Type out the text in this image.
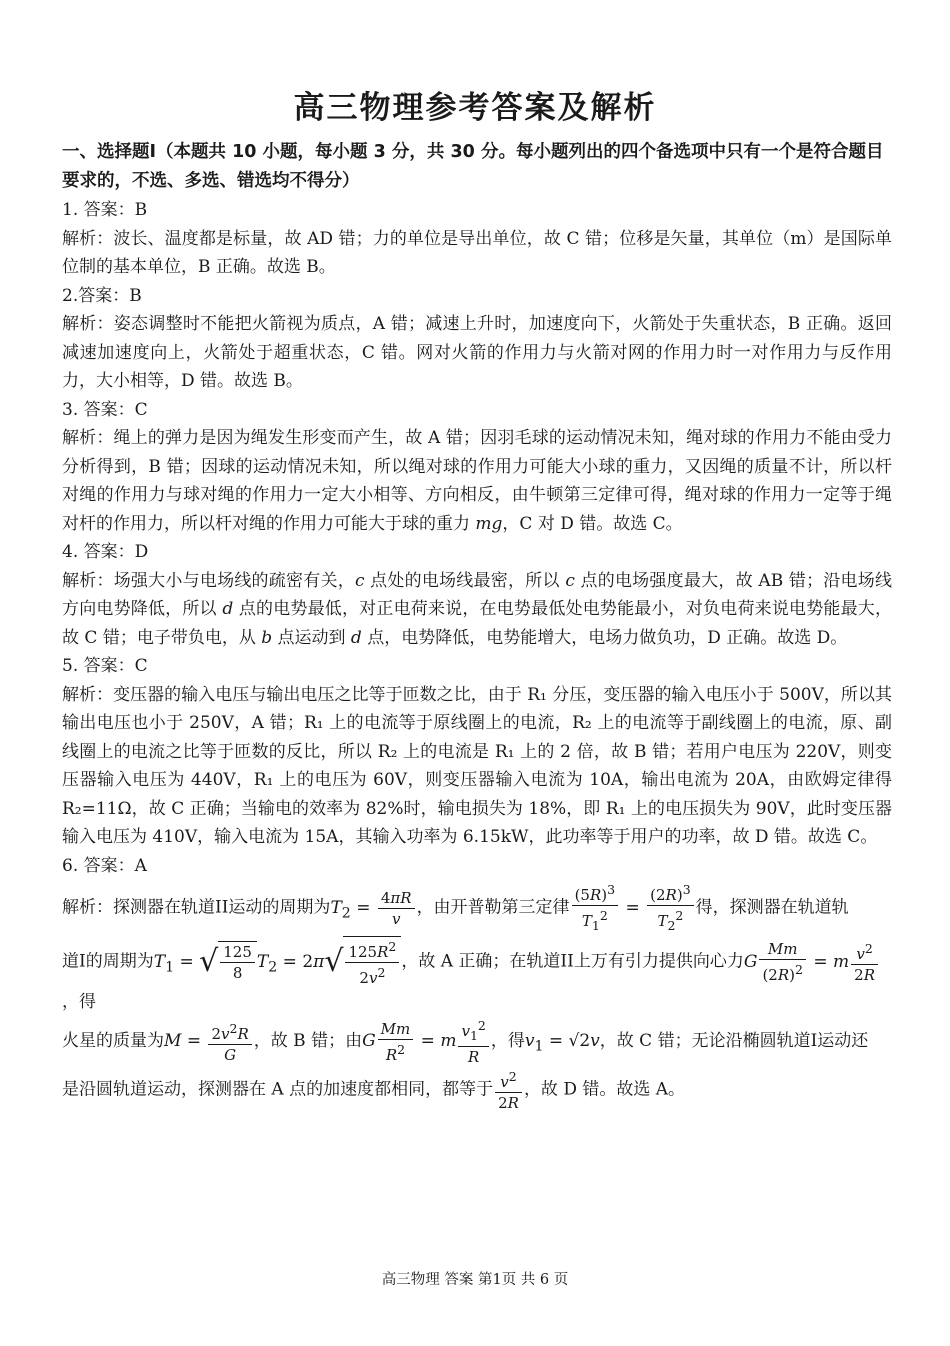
高三物理参考答案及解析

一、选择题I（本题共 10 小题，每小题 3 分，共 30 分。每小题列出的四个备选项中只有一个是符合题目要求的，不选、多选、错选均不得分）

1. 答案：B

解析：波长、温度都是标量，故 AD 错；力的单位是导出单位，故 C 错；位移是矢量，其单位（m）是国际单位制的基本单位，B 正确。故选 B。

2.答案：B

解析：姿态调整时不能把火箭视为质点，A 错；减速上升时，加速度向下，火箭处于失重状态，B 正确。返回减速加速度向上，火箭处于超重状态，C 错。网对火箭的作用力与火箭对网的作用力时一对作用力与反作用力，大小相等，D 错。故选 B。

3. 答案：C

解析：绳上的弹力是因为绳发生形变而产生，故 A 错；因羽毛球的运动情况未知，绳对球的作用力不能由受力分析得到，B 错；因球的运动情况未知，所以绳对球的作用力可能大小球的重力，又因绳的质量不计，所以杆对绳的作用力与球对绳的作用力一定大小相等、方向相反，由牛顿第三定律可得，绳对球的作用力一定等于绳对杆的作用力，所以杆对绳的作用力可能大于球的重力 mg，C 对 D 错。故选 C。

4. 答案：D

解析：场强大小与电场线的疏密有关，c 点处的电场线最密，所以 c 点的电场强度最大，故 AB 错；沿电场线方向电势降低，所以 d 点的电势最低，对正电荷来说，在电势最低处电势能最小，对负电荷来说电势能最大，故 C 错；电子带负电，从 b 点运动到 d 点，电势降低，电势能增大，电场力做负功，D 正确。故选 D。

5. 答案：C

解析：变压器的输入电压与输出电压之比等于匝数之比，由于 R₁ 分压，变压器的输入电压小于 500V，所以其输出电压也小于 250V，A 错；R₁ 上的电流等于原线圈上的电流，R₂ 上的电流等于副线圈上的电流，原、副线圈上的电流之比等于匝数的反比，所以 R₂ 上的电流是 R₁ 上的 2 倍，故 B 错；若用户电压为 220V，则变压器输入电压为 440V，R₁ 上的电压为 60V，则变压器输入电流为 10A，输出电流为 20A，由欧姆定律得 R₂=11Ω，故 C 正确；当输电的效率为 82%时，输电损失为 18%，即 R₁ 上的电压损失为 90V，此时变压器输入电压为 410V，输入电流为 15A，其输入功率为 6.15kW，此功率等于用户的功率，故 D 错。故选 C。

6. 答案：A

解析：探测器在轨道II运动的周期为$T_2 = \frac{4\pi R}{v}$ ，由开普勒第三定律 $\frac{(5R)^3}{T_1^2} = \frac{(2R)^3}{T_2^2}$ 得，探测器在轨道轨

道I的周期为$T_1$ = √ $\frac{125}{8} T_2 = 2\pi√ \frac{125R^2}{2v^2}$ ，故 A 正确；在轨道II上万有引力提供向心力G $\frac{Mm}{(2R)^2} = m \frac{v^2}{2R}$
，得

火星的质量为$M = \frac{2v^2R}{G}$ ，故 B 错；由G $\frac{Mm}{R^2} = m \frac{v_1^2}{R}$ ，得$v_1 = √2v$，故 C 错；无论沿椭圆轨道I运动还

是沿圆轨道运动，探测器在 A 点的加速度都相同，都等于 $\frac{v^2}{2R}$ ，故 D 错。故选 A。

高三物理 答案 第1页 共 6 页
